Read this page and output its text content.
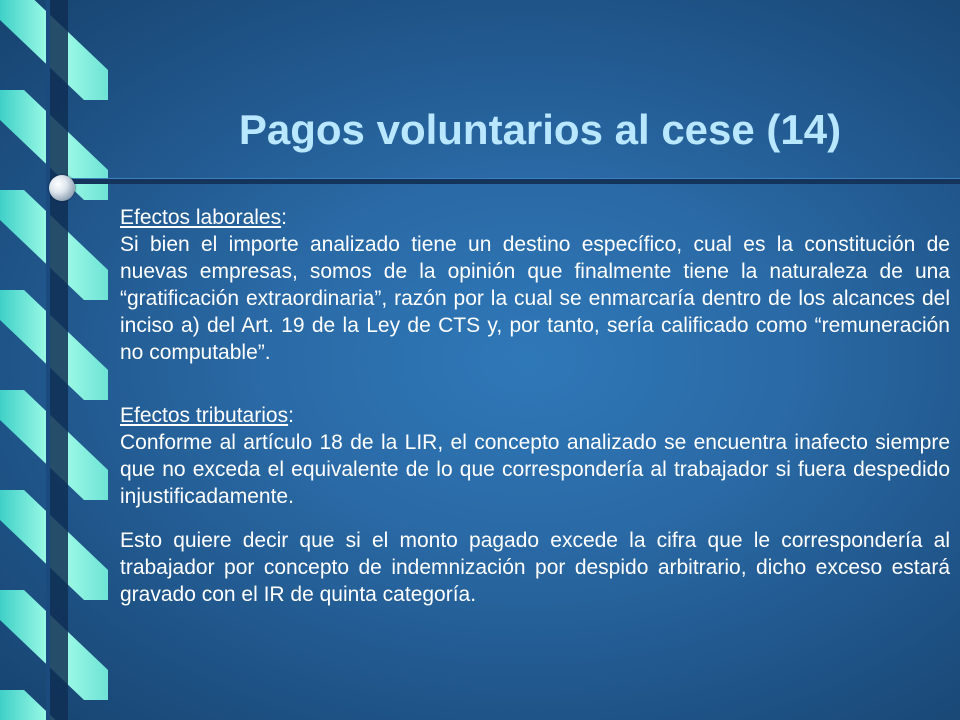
Pagos voluntarios al cese (14)

Efectos laborales:

Si bien el importe analizado tiene un destino específico, cual es la constitución de nuevas empresas, somos de la opinión que finalmente tiene la naturaleza de una “gratificación extraordinaria”, razón por la cual se enmarcaría dentro de los alcances del inciso a) del Art. 19 de la Ley de CTS y, por tanto, sería calificado como “remuneración no computable”.

Efectos tributarios:

Conforme al artículo 18 de la LIR, el concepto analizado se encuentra inafecto siempre que no exceda el equivalente de lo que correspondería al trabajador si fuera despedido injustificadamente.

Esto quiere decir que si el monto pagado excede la cifra que le correspondería al trabajador por concepto de indemnización por despido arbitrario, dicho exceso estará gravado con el IR de quinta categoría.
